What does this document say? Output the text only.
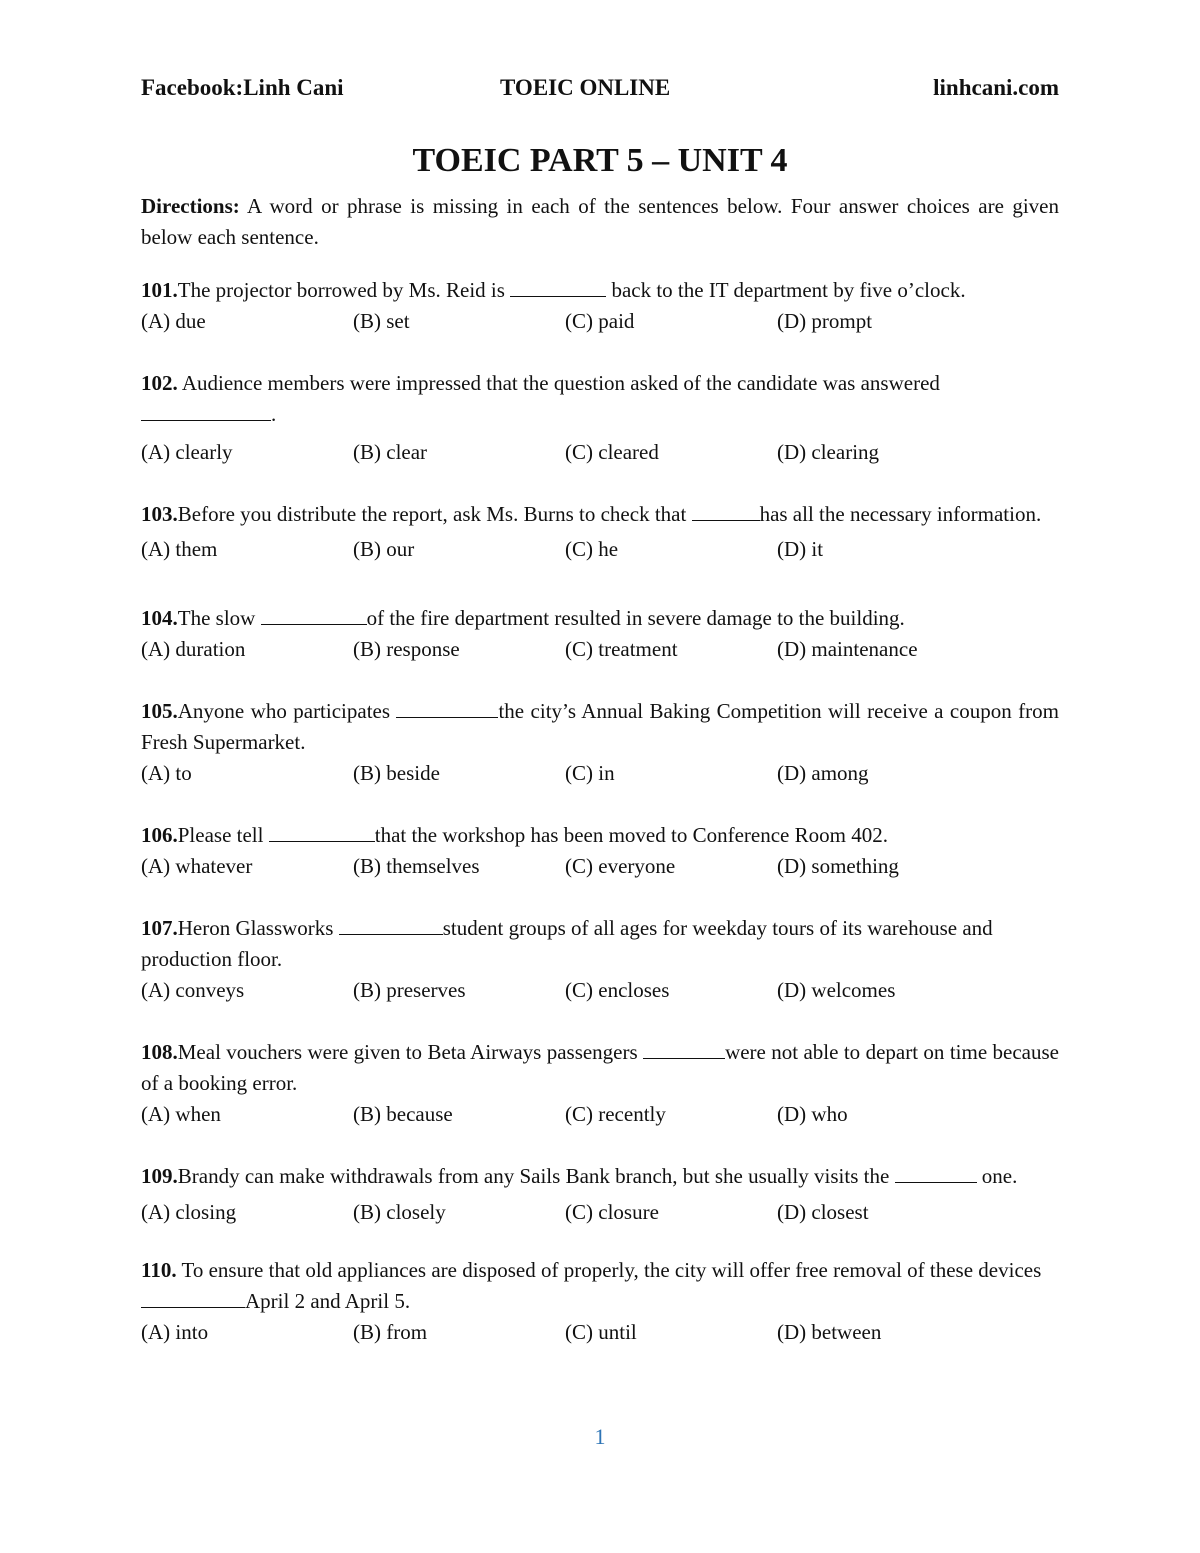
Facebook:Linh Cani	TOEIC ONLINE	linhcani.com
TOEIC PART 5 – UNIT 4
Directions: A word or phrase is missing in each of the sentences below. Four answer choices are given below each sentence.
101.The projector borrowed by Ms. Reid is	back to the IT department by five o’clock.
(A) due	(B) set	(C) paid	(D) prompt
102. Audience members were impressed that the question asked of the candidate was answered .
(A) clearly	(B) clear	(C) cleared	(D) clearing
103.Before you distribute the report, ask Ms. Burns to check that	has all the necessary information.
(A) them	(B) our	(C) he	(D) it
104.The slow	of the fire department resulted in severe damage to the building.
(A) duration	(B) response	(C) treatment	(D) maintenance
105.Anyone who participates	the city’s Annual Baking Competition will receive a coupon from Fresh Supermarket.
(A) to	(B) beside	(C) in	(D) among
106.Please tell	that the workshop has been moved to Conference Room 402.
(A) whatever	(B) themselves	(C) everyone	(D) something
107.Heron Glassworks	student groups of all ages for weekday tours of its warehouse and production floor.
(A) conveys	(B) preserves	(C) encloses	(D) welcomes
108.Meal vouchers were given to Beta Airways passengers	were not able to depart on time because of a booking error.
(A) when	(B) because	(C) recently	(D) who
109.Brandy can make withdrawals from any Sails Bank branch, but she usually visits the	one.
(A) closing	(B) closely	(C) closure	(D) closest
110. To ensure that old appliances are disposed of properly, the city will offer free removal of these devices April 2 and April 5.
(A) into	(B) from	(C) until	(D) between
1
